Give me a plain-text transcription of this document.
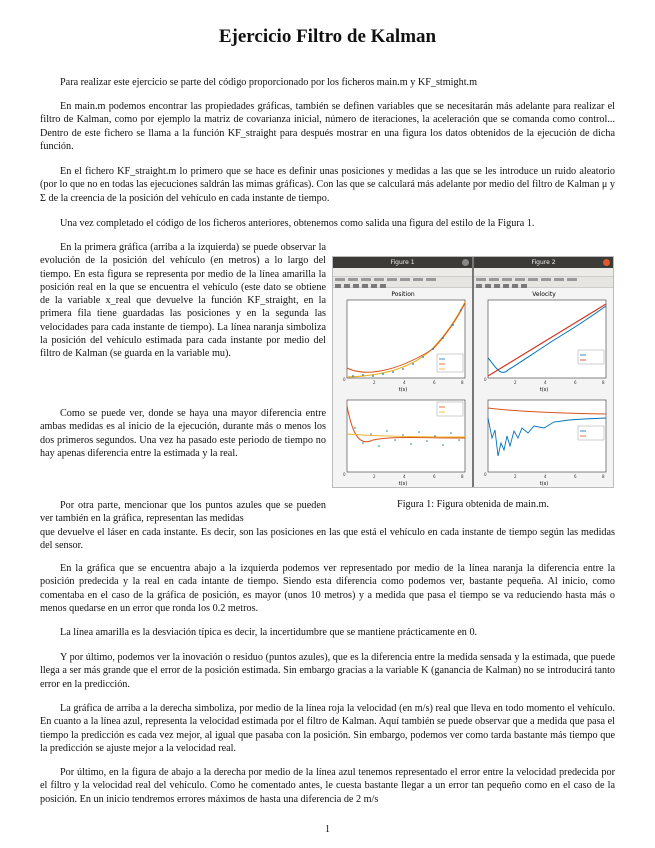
Ejercicio Filtro de Kalman

Para realizar este ejercicio se parte del código proporcionado por los ficheros main.m y KF_stmight.m

En main.m podemos encontrar las propiedades gráficas, también se definen variables que se necesitarán más adelante para realizar el filtro de Kalman, como por ejemplo la matriz de covarianza inicial, número de iteraciones, la aceleración que se comanda como control... Dentro de este fichero se llama a la función KF_straight para después mostrar en una figura los datos obtenidos de la ejecución de dicha función.

En el fichero KF_straight.m lo primero que se hace es definir unas posiciones y medidas a las que se les introduce un ruido aleatorio (por lo que no en todas las ejecuciones saldrán las mimas gráficas). Con las que se calculará más adelante por medio del filtro de Kalman μ y Σ de la creencia de la posición del vehículo en cada instante de tiempo.

Una vez completado el código de los ficheros anteriores, obtenemos como salida una figura del estilo de la Figura 1.

En la primera gráfica (arriba a la izquierda) se puede observar la evolución de la posición del vehículo (en metros) a lo largo del tiempo. En esta figura se representa por medio de la línea amarilla la posición real en la que se encuentra el vehículo (este dato se obtiene de la variable x_real que devuelve la función KF_straight, en la primera fila tiene guardadas las posiciones y en la segunda las velocidades para cada instante de tiempo). La línea naranja simboliza la posición del vehículo estimada para cada instante por medio del filtro de Kalman (se guarda en la variable mu).

Como se puede ver, donde se haya una mayor diferencia entre ambas medidas es al inicio de la ejecución, durante más o menos los dos primeros segundos. Una vez ha pasado este periodo de tiempo no hay apenas diferencia entre la estimada y la real.

Por otra parte, mencionar que los puntos azules que se pueden ver también en la gráfica, representan las medidas

que devuelve el láser en cada instante. Es decir, son las posiciones en las que está el vehículo en cada instante de tiempo según las medidas del sensor.

En la gráfica que se encuentra abajo a la izquierda podemos ver representado por medio de la línea naranja la diferencia entre la posición predecida y la real en cada intante de tiempo. Siendo esta diferencia como podemos ver, bastante pequeña. Al inicio, como comentaba en el caso de la gráfica de posición, es mayor (unos 10 metros) y a medida que pasa el tiempo se va reduciendo hasta más o menos quedarse en un error que ronda los 0.2 metros.

La línea amarilla es la desviación típica es decir, la incertidumbre que se mantiene prácticamente en 0.

Y por último, podemos ver la inovación o residuo (puntos azules), que es la diferencia entre la medida sensada y la estimada, que puede llega a ser más grande que el error de la posición estimada. Sin embargo gracias a la variable K (ganancia de Kalman) no se introducirá tanto error en la predicción.

La gráfica de arriba a la derecha simboliza, por medio de la línea roja la velocidad (en m/s) real que lleva en todo momento el vehículo. En cuanto a la línea azul, representa la velocidad estimada por el filtro de Kalman. Aquí también se puede observar que a medida que pasa el tiempo la predicción es cada vez mejor, al igual que pasaba con la posición. Sin embargo, podemos ver como tarda bastante más tiempo que la predicción se ajuste mejor a la velocidad real.

Por último, en la figura de abajo a la derecha por medio de la línea azul tenemos representado el error entre la velocidad predecida por el filtro y la velocidad real del vehículo. Como he comentado antes, le cuesta bastante llegar a un error tan pequeño como en el caso de la posición. En un inicio tendremos errores máximos de hasta una diferencia de 2 m/s

Figure 1
Position
0
2	4	6	8
t(s)
0	2	4	6	8
t(s)
Figure 2
Velocity
0
2	4	6	8
t(s)
0	2	4	6	8
t(s)

Figura 1: Figura obtenida de main.m.

1
